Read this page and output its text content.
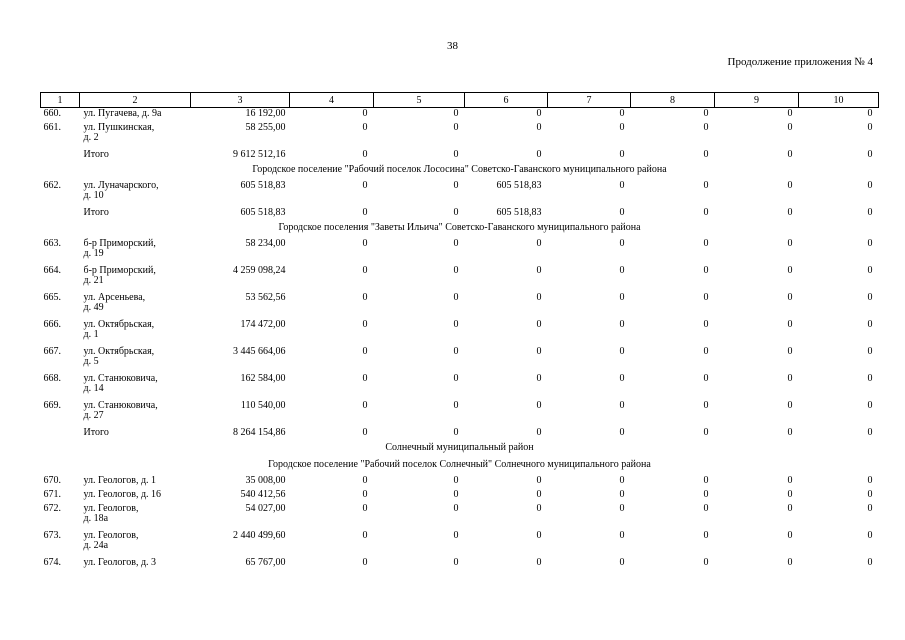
38
Продолжение приложения № 4
1	2	3	4	5	6	7	8	9	10
660.	ул. Пугачева, д. 9а	16 192,00	0	0	0	0	0	0	0
661.	ул. Пушкинская,
д. 2	58 255,00	0	0	0	0	0	0	0

	Итого	9 612 512,16	0	0	0	0	0	0	0
Городское поселение "Рабочий поселок Лососина" Советско-Гаванского муниципального района									
662.	ул. Луначарского,
д. 10	605 518,83	0	0	605 518,83	0	0	0	0

	Итого	605 518,83	0	0	605 518,83	0	0	0	0
Городское поселения "Заветы Ильича" Советско-Гаванского муниципального района									
663.	б-р Приморский,
д. 19	58 234,00	0	0	0	0	0	0	0
664.	б-р Приморский,
д. 21	4 259 098,24	0	0	0	0	0	0	0
665.	ул. Арсеньева,
д. 49	53 562,56	0	0	0	0	0	0	0
666.	ул. Октябрьская,
д. 1	174 472,00	0	0	0	0	0	0	0
667.	ул. Октябрьская,
д. 5	3 445 664,06	0	0	0	0	0	0	0
668.	ул. Станюковича,
д. 14	162 584,00	0	0	0	0	0	0	0
669.	ул. Станюковича,
д. 27	110 540,00	0	0	0	0	0	0	0

	Итого	8 264 154,86	0	0	0	0	0	0	0
Солнечный муниципальный район									
Городское поселение "Рабочий поселок Солнечный" Солнечного муниципального района									
670.	ул. Геологов, д. 1	35 008,00	0	0	0	0	0	0	0
671.	ул. Геологов, д. 16	540 412,56	0	0	0	0	0	0	0
672.	ул. Геологов,
д. 18а	54 027,00	0	0	0	0	0	0	0
673.	ул. Геологов,
д. 24а	2 440 499,60	0	0	0	0	0	0	0
674.	ул. Геологов, д. 3	65 767,00	0	0	0	0	0	0	0
